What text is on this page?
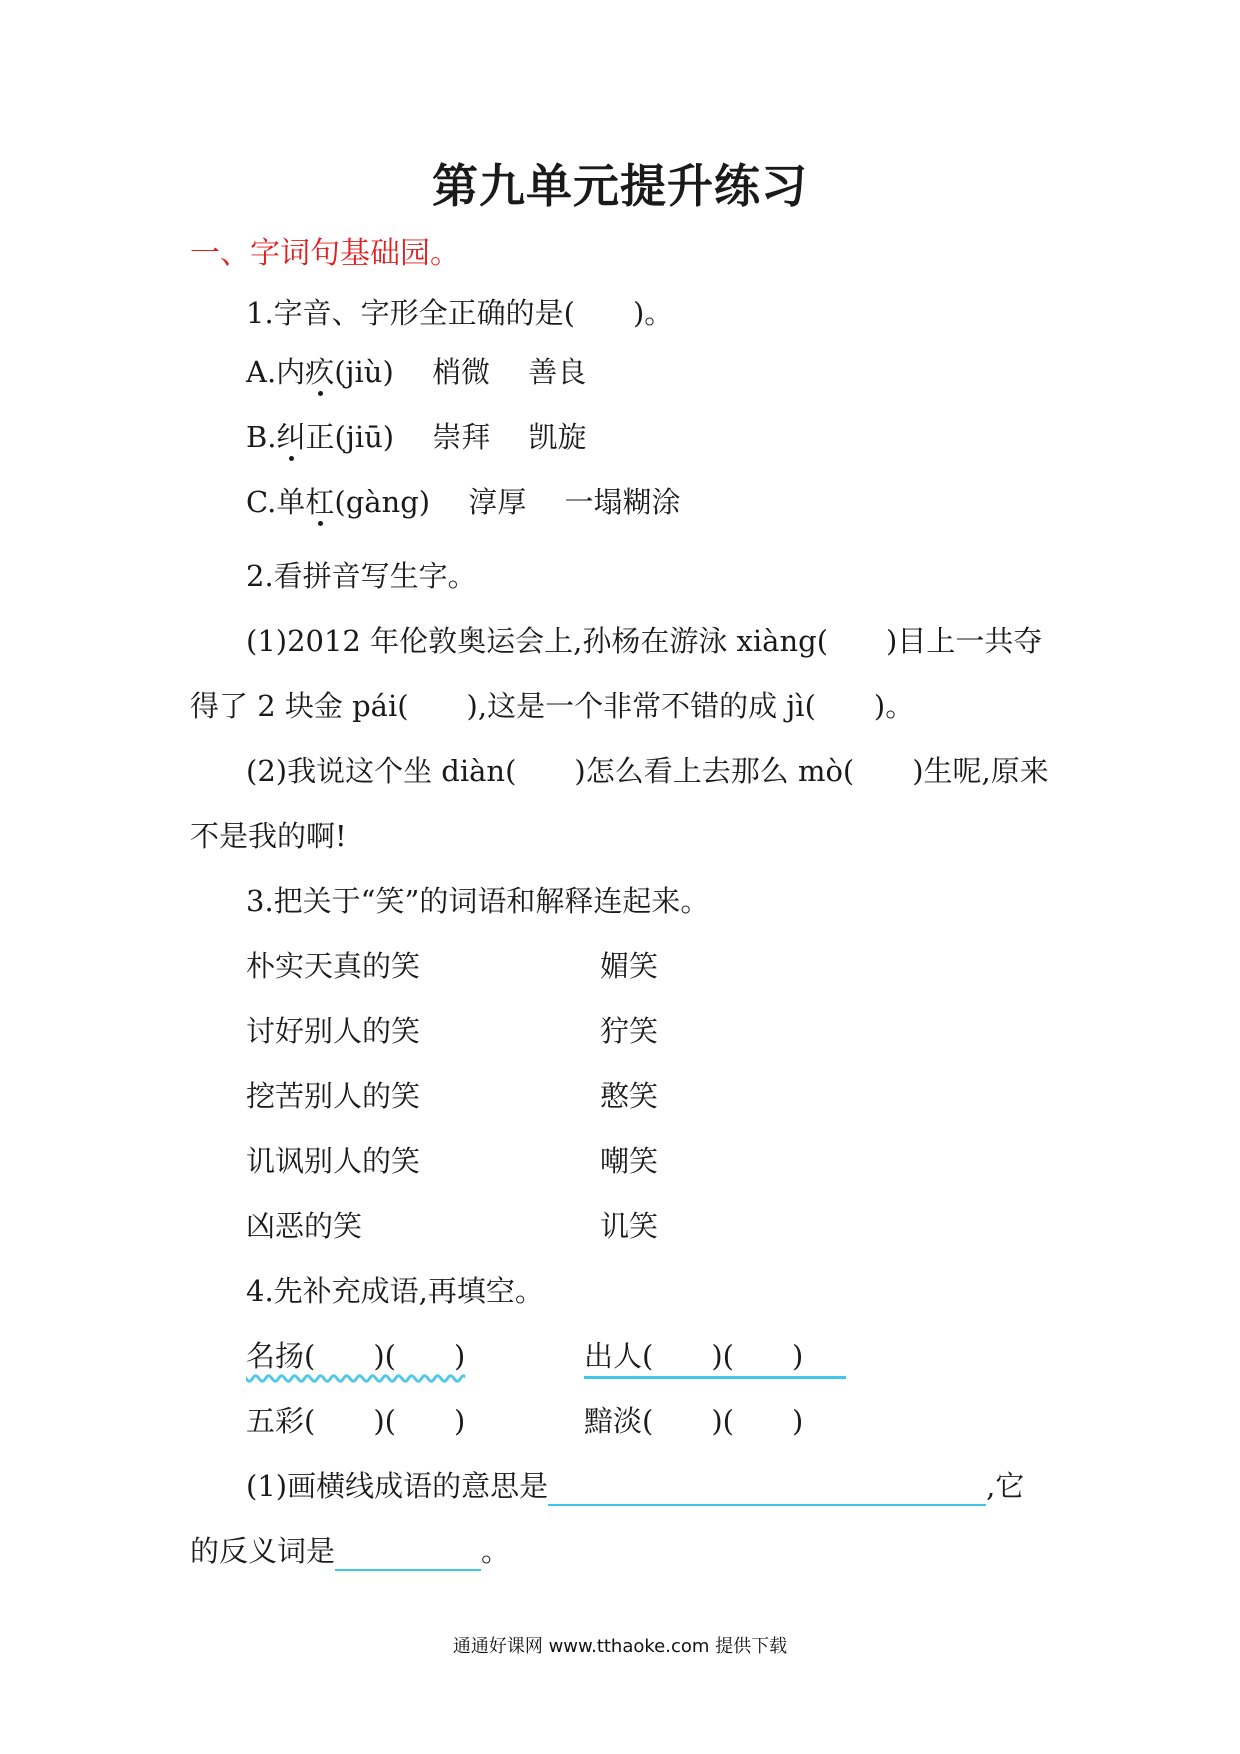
第九单元提升练习
一、字词句基础园。
1.字音、字形全正确的是(　　)。
A.内疚(jiù)　 梢微　 善良
B.纠正(jiū)　 崇拜　 凯旋
C.单杠(gàng)　 淳厚　 一塌糊涂
2.看拼音写生字。
(1)2012 年伦敦奥运会上,孙杨在游泳 xiàng(　　)目上一共夺
得了 2 块金 pái(　　),这是一个非常不错的成 jì(　　)。
(2)我说这个坐 diàn(　　)怎么看上去那么 mò(　　)生呢,原来
不是我的啊!
3.把关于“笑”的词语和解释连起来。
朴实天真的笑	媚笑
讨好别人的笑	狞笑
挖苦别人的笑	憨笑
讥讽别人的笑	嘲笑
凶恶的笑	讥笑
4.先补充成语,再填空。
名扬(　　)(　　)	出人(　　)(　　)
五彩(　　)(　　)	黯淡(　　)(　　)
(1)画横线成语的意思是	,它
的反义词是	。
通通好课网 www.tthaoke.com 提供下载
